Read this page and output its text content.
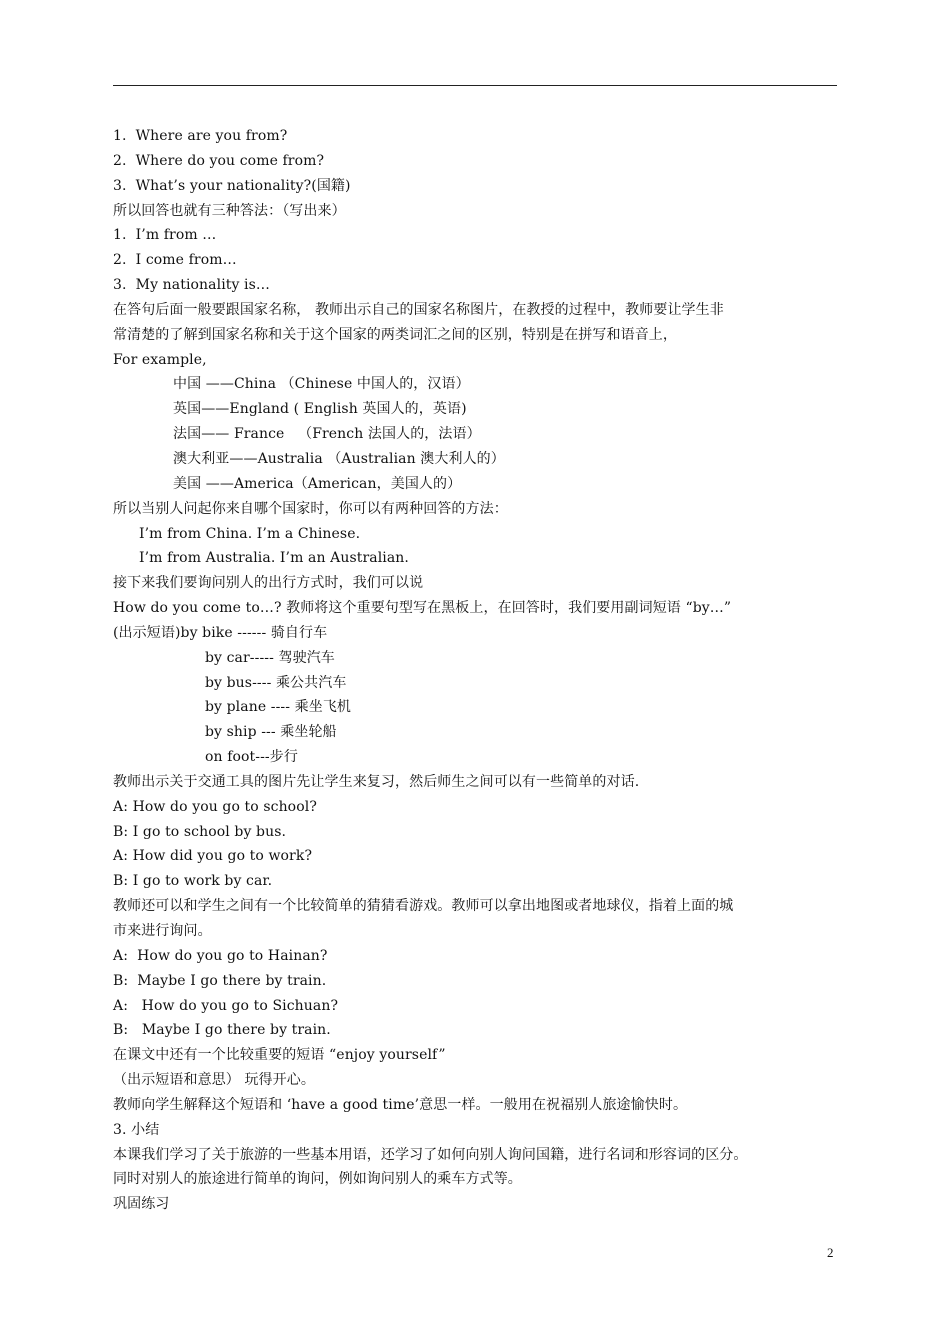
1.  Where are you from?
2.  Where do you come from?
3.  What’s your nationality?(国籍)
所以回答也就有三种答法：（写出来）
1.  I’m from …
2.  I come from…
3.  My nationality is…
在答句后面一般要跟国家名称， 教师出示自己的国家名称图片，在教授的过程中，教师要让学生非
常清楚的了解到国家名称和关于这个国家的两类词汇之间的区别，特别是在拼写和语音上，
For example,
中国 ——China （Chinese 中国人的，汉语）
英国——England ( English 英国人的，英语)
法国—— France   （French 法国人的，法语）
澳大利亚——Australia （Australian 澳大利人的）
美国 ——America（American，美国人的）
所以当别人问起你来自哪个国家时，你可以有两种回答的方法：
I’m from China. I’m a Chinese.
I’m from Australia. I’m an Australian.
接下来我们要询问别人的出行方式时，我们可以说
How do you come to…? 教师将这个重要句型写在黑板上，在回答时，我们要用副词短语 “by…”
(出示短语)by bike ------ 骑自行车
by car----- 驾驶汽车
by bus---- 乘公共汽车
by plane ---- 乘坐飞机
by ship --- 乘坐轮船
on foot---步行
教师出示关于交通工具的图片先让学生来复习，然后师生之间可以有一些简单的对话.
A: How do you go to school?
B: I go to school by bus.
A: How did you go to work?
B: I go to work by car.
教师还可以和学生之间有一个比较简单的猜猜看游戏。教师可以拿出地图或者地球仪，指着上面的城
市来进行询问。
A:  How do you go to Hainan?
B:  Maybe I go there by train.
A:   How do you go to Sichuan?
B:   Maybe I go there by train.
在课文中还有一个比较重要的短语 “enjoy yourself”
（出示短语和意思） 玩得开心。
教师向学生解释这个短语和 ‘have a good time’意思一样。一般用在祝福别人旅途愉快时。
3. 小结
本课我们学习了关于旅游的一些基本用语，还学习了如何向别人询问国籍，进行名词和形容词的区分。
同时对别人的旅途进行简单的询问，例如询问别人的乘车方式等。
巩固练习
2
